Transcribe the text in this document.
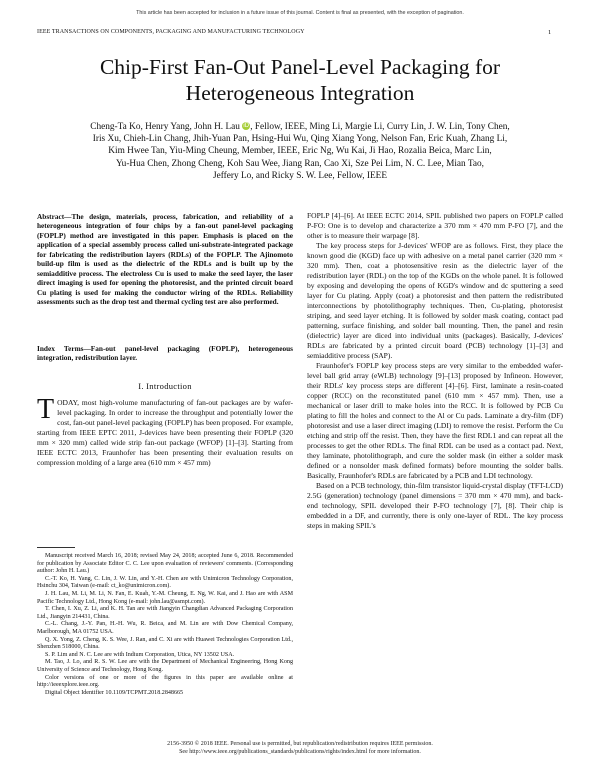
This article has been accepted for inclusion in a future issue of this journal. Content is final as presented, with the exception of pagination.
IEEE TRANSACTIONS ON COMPONENTS, PACKAGING AND MANUFACTURING TECHNOLOGY	1
Chip-First Fan-Out Panel-Level Packaging for
Heterogeneous Integration
Cheng-Ta Ko, Henry Yang, John H. Lau iD, Fellow, IEEE, Ming Li, Margie Li, Curry Lin, J. W. Lin, Tony Chen,
Iris Xu, Chieh-Lin Chang, Jhih-Yuan Pan, Hsing-Hui Wu, Qing Xiang Yong, Nelson Fan, Eric Kuah, Zhang Li,
Kim Hwee Tan, Yiu-Ming Cheung, Member, IEEE, Eric Ng, Wu Kai, Ji Hao, Rozalia Beica, Marc Lin,
Yu-Hua Chen, Zhong Cheng, Koh Sau Wee, Jiang Ran, Cao Xi, Sze Pei Lim, N. C. Lee, Mian Tao,
Jeffery Lo, and Ricky S. W. Lee, Fellow, IEEE
Abstract—The design, materials, process, fabrication, and reliability of a heterogeneous integration of four chips by a fan-out panel-level packaging (FOPLP) method are investigated in this paper. Emphasis is placed on the application of a special assembly process called uni-substrate-integrated package for fabricating the redistribution layers (RDLs) of the FOPLP. The Ajinomoto build-up film is used as the dielectric of the RDLs and is built up by the semiadditive process. The electroless Cu is used to make the seed layer, the laser direct imaging is used for opening the photoresist, and the printed circuit board Cu plating is used for making the conductor wiring of the RDLs. Reliability assessments such as the drop test and thermal cycling test are also performed.
Index Terms—Fan-out panel-level packaging (FOPLP), heterogeneous integration, redistribution layer.
I. Introduction

TODAY, most high-volume manufacturing of fan-out packages are by wafer-level packaging. In order to increase the throughput and potentially lower the cost, fan-out panel-level packaging (FOPLP) has been proposed. For example, starting from IEEE EPTC 2011, J-devices have been presenting their FOPLP (320 mm × 320 mm) called wide strip fan-out package (WFOP) [1]–[3]. Starting from IEEE ECTC 2013, Fraunhofer has been presenting their evaluation results on compression molding of a large area (610 mm × 457 mm)

Manuscript received March 16, 2018; revised May 24, 2018; accepted June 6, 2018. Recommended for publication by Associate Editor C. C. Lee upon evaluation of reviewers' comments. (Corresponding author: John H. Lau.)

C.-T. Ko, H. Yang, C. Lin, J. W. Lin, and Y.-H. Chen are with Unimicron Technology Corporation, Hsinchu 304, Taiwan (e-mail: ct_ko@unimicron.com).

J. H. Lau, M. Li, M. Li, N. Fan, E. Kuah, Y.-M. Cheung, E. Ng, W. Kai, and J. Hao are with ASM Pacific Technology Ltd., Hong Kong (e-mail: john.lau@asmpt.com).

T. Chen, I. Xu, Z. Li, and K. H. Tan are with Jiangyin Changdian Advanced Packaging Corporation Ltd., Jiangyin 214431, China.

C.-L. Chang, J.-Y. Pan, H.-H. Wu, R. Beica, and M. Lin are with Dow Chemical Company, Marlborough, MA 01752 USA.

Q. X. Yong, Z. Cheng, K. S. Wee, J. Ran, and C. Xi are with Huawei Technologies Corporation Ltd., Shenzhen 518000, China.

S. P. Lim and N. C. Lee are with Indium Corporation, Utica, NY 13502 USA.

M. Tao, J. Lo, and R. S. W. Lee are with the Department of Mechanical Engineering, Hong Kong University of Science and Technology, Hong Kong.

Color versions of one or more of the figures in this paper are available online at http://ieeexplore.ieee.org.

Digital Object Identifier 10.1109/TCPMT.2018.2848665

FOPLP [4]–[6]. At IEEE ECTC 2014, SPIL published two papers on FOPLP called P-FO: One is to develop and characterize a 370 mm × 470 mm P-FO [7], and the other is to measure their warpage [8].

The key process steps for J-devices' WFOP are as follows. First, they place the known good die (KGD) face up with adhesive on a metal panel carrier (320 mm × 320 mm). Then, coat a photosensitive resin as the dielectric layer of the redistribution layer (RDL) on the top of the KGDs on the whole panel. It is followed by exposing and developing the opens of KGD's window and dc sputtering a seed layer for Cu plating. Apply (coat) a photoresist and then pattern the redistributed interconnections by photolithography techniques. Then, Cu-plating, photoresist striping, and seed layer etching. It is followed by solder mask coating, contact pad patterning, surface finishing, and solder ball mounting. Then, the panel and resin (dielectric) layer are diced into individual units (packages). Basically, J-devices' RDLs are fabricated by a printed circuit board (PCB) technology [1]–[3] and semiadditive process (SAP).

Fraunhofer's FOPLP key process steps are very similar to the embedded wafer-level ball grid array (eWLB) technology [9]–[13] proposed by Infineon. However, their RDLs' key process steps are different [4]–[6]. First, laminate a resin-coated copper (RCC) on the reconstituted panel (610 mm × 457 mm). Then, use a mechanical or laser drill to make holes into the RCC. It is followed by PCB Cu plating to fill the holes and connect to the Al or Cu pads. Laminate a dry-film (DF) photoresist and use a laser direct imaging (LDI) to remove the resist. Perform the Cu etching and strip off the resist. Then, they have the first RDL1 and can repeat all the processes to get the other RDLs. The final RDL can be used as a contact pad. Next, they laminate, photolithograph, and cure the solder mask (in either a solder mask defined or a nonsolder mask defined formats) before mounting the solder balls. Basically, Fraunhofer's RDLs are fabricated by a PCB and LDI technology.

Based on a PCB technology, thin-film transistor liquid-crystal display (TFT-LCD) 2.5G (generation) technology (panel dimensions = 370 mm × 470 mm), and back-end technology, SPIL developed their P-FO technology [7], [8]. Their chip is embedded in a DF, and currently, there is only one-layer of RDL. The key process steps in making SPIL's

2156-3950 © 2018 IEEE. Personal use is permitted, but republication/redistribution requires IEEE permission.
See http://www.ieee.org/publications_standards/publications/rights/index.html for more information.
